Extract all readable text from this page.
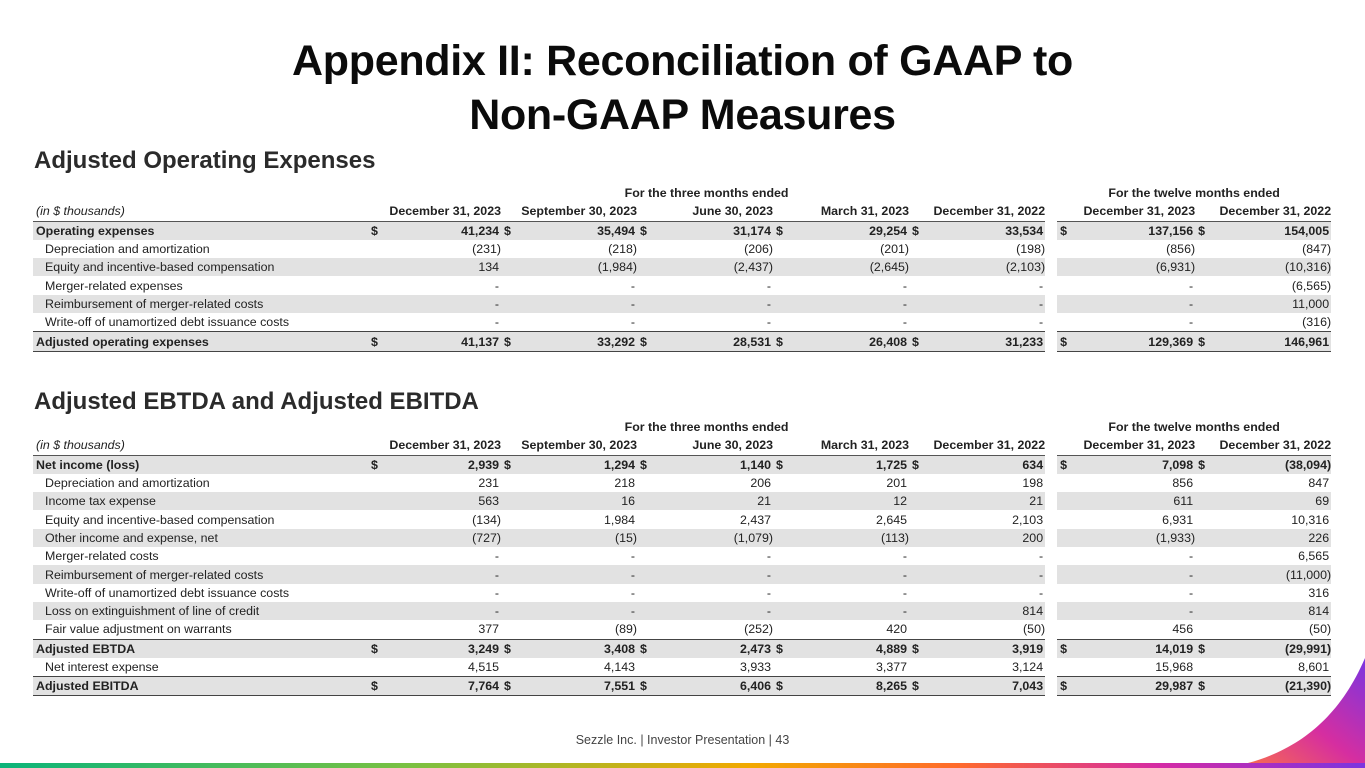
Appendix II: Reconciliation of GAAP to
Non-GAAP Measures
Adjusted Operating Expenses
	For the three months ended											For the twelve months ended			
(in $ thousands)	December 31, 2023		September 30, 2023		June 30, 2023		March 31, 2023		December 31, 2022			December 31, 2023		December 31, 2022	
Operating expenses	$	41,234	$	35,494	$	31,174	$	29,254	$	33,534		$	137,156	$	154,005
Depreciation and amortization		(231)		(218)		(206)		(201)		(198)			(856)		(847)
Equity and incentive-based compensation		134		(1,984)		(2,437)		(2,645)		(2,103)			(6,931)		(10,316)
Merger-related expenses		-		-		-		-		-			-		(6,565)
Reimbursement of merger-related costs		-		-		-		-		-			-		11,000
Write-off of unamortized debt issuance costs		-		-		-		-		-			-		(316)
Adjusted operating expenses	$	41,137	$	33,292	$	28,531	$	26,408	$	31,233		$	129,369	$	146,961
Adjusted EBTDA and Adjusted EBITDA
	For the three months ended											For the twelve months ended			
(in $ thousands)	December 31, 2023		September 30, 2023		June 30, 2023		March 31, 2023		December 31, 2022			December 31, 2023		December 31, 2022	
Net income (loss)	$	2,939	$	1,294	$	1,140	$	1,725	$	634		$	7,098	$	(38,094)
Depreciation and amortization		231		218		206		201		198			856		847
Income tax expense		563		16		21		12		21			611		69
Equity and incentive-based compensation		(134)		1,984		2,437		2,645		2,103			6,931		10,316
Other income and expense, net		(727)		(15)		(1,079)		(113)		200			(1,933)		226
Merger-related costs		-		-		-		-		-			-		6,565
Reimbursement of merger-related costs		-		-		-		-		-			-		(11,000)
Write-off of unamortized debt issuance costs		-		-		-		-		-			-		316
Loss on extinguishment of line of credit		-		-		-		-		814			-		814
Fair value adjustment on warrants		377		(89)		(252)		420		(50)			456		(50)
Adjusted EBTDA	$	3,249	$	3,408	$	2,473	$	4,889	$	3,919		$	14,019	$	(29,991)
Net interest expense		4,515		4,143		3,933		3,377		3,124			15,968		8,601
Adjusted EBITDA	$	7,764	$	7,551	$	6,406	$	8,265	$	7,043		$	29,987	$	(21,390)
Sezzle Inc. | Investor Presentation | 43
